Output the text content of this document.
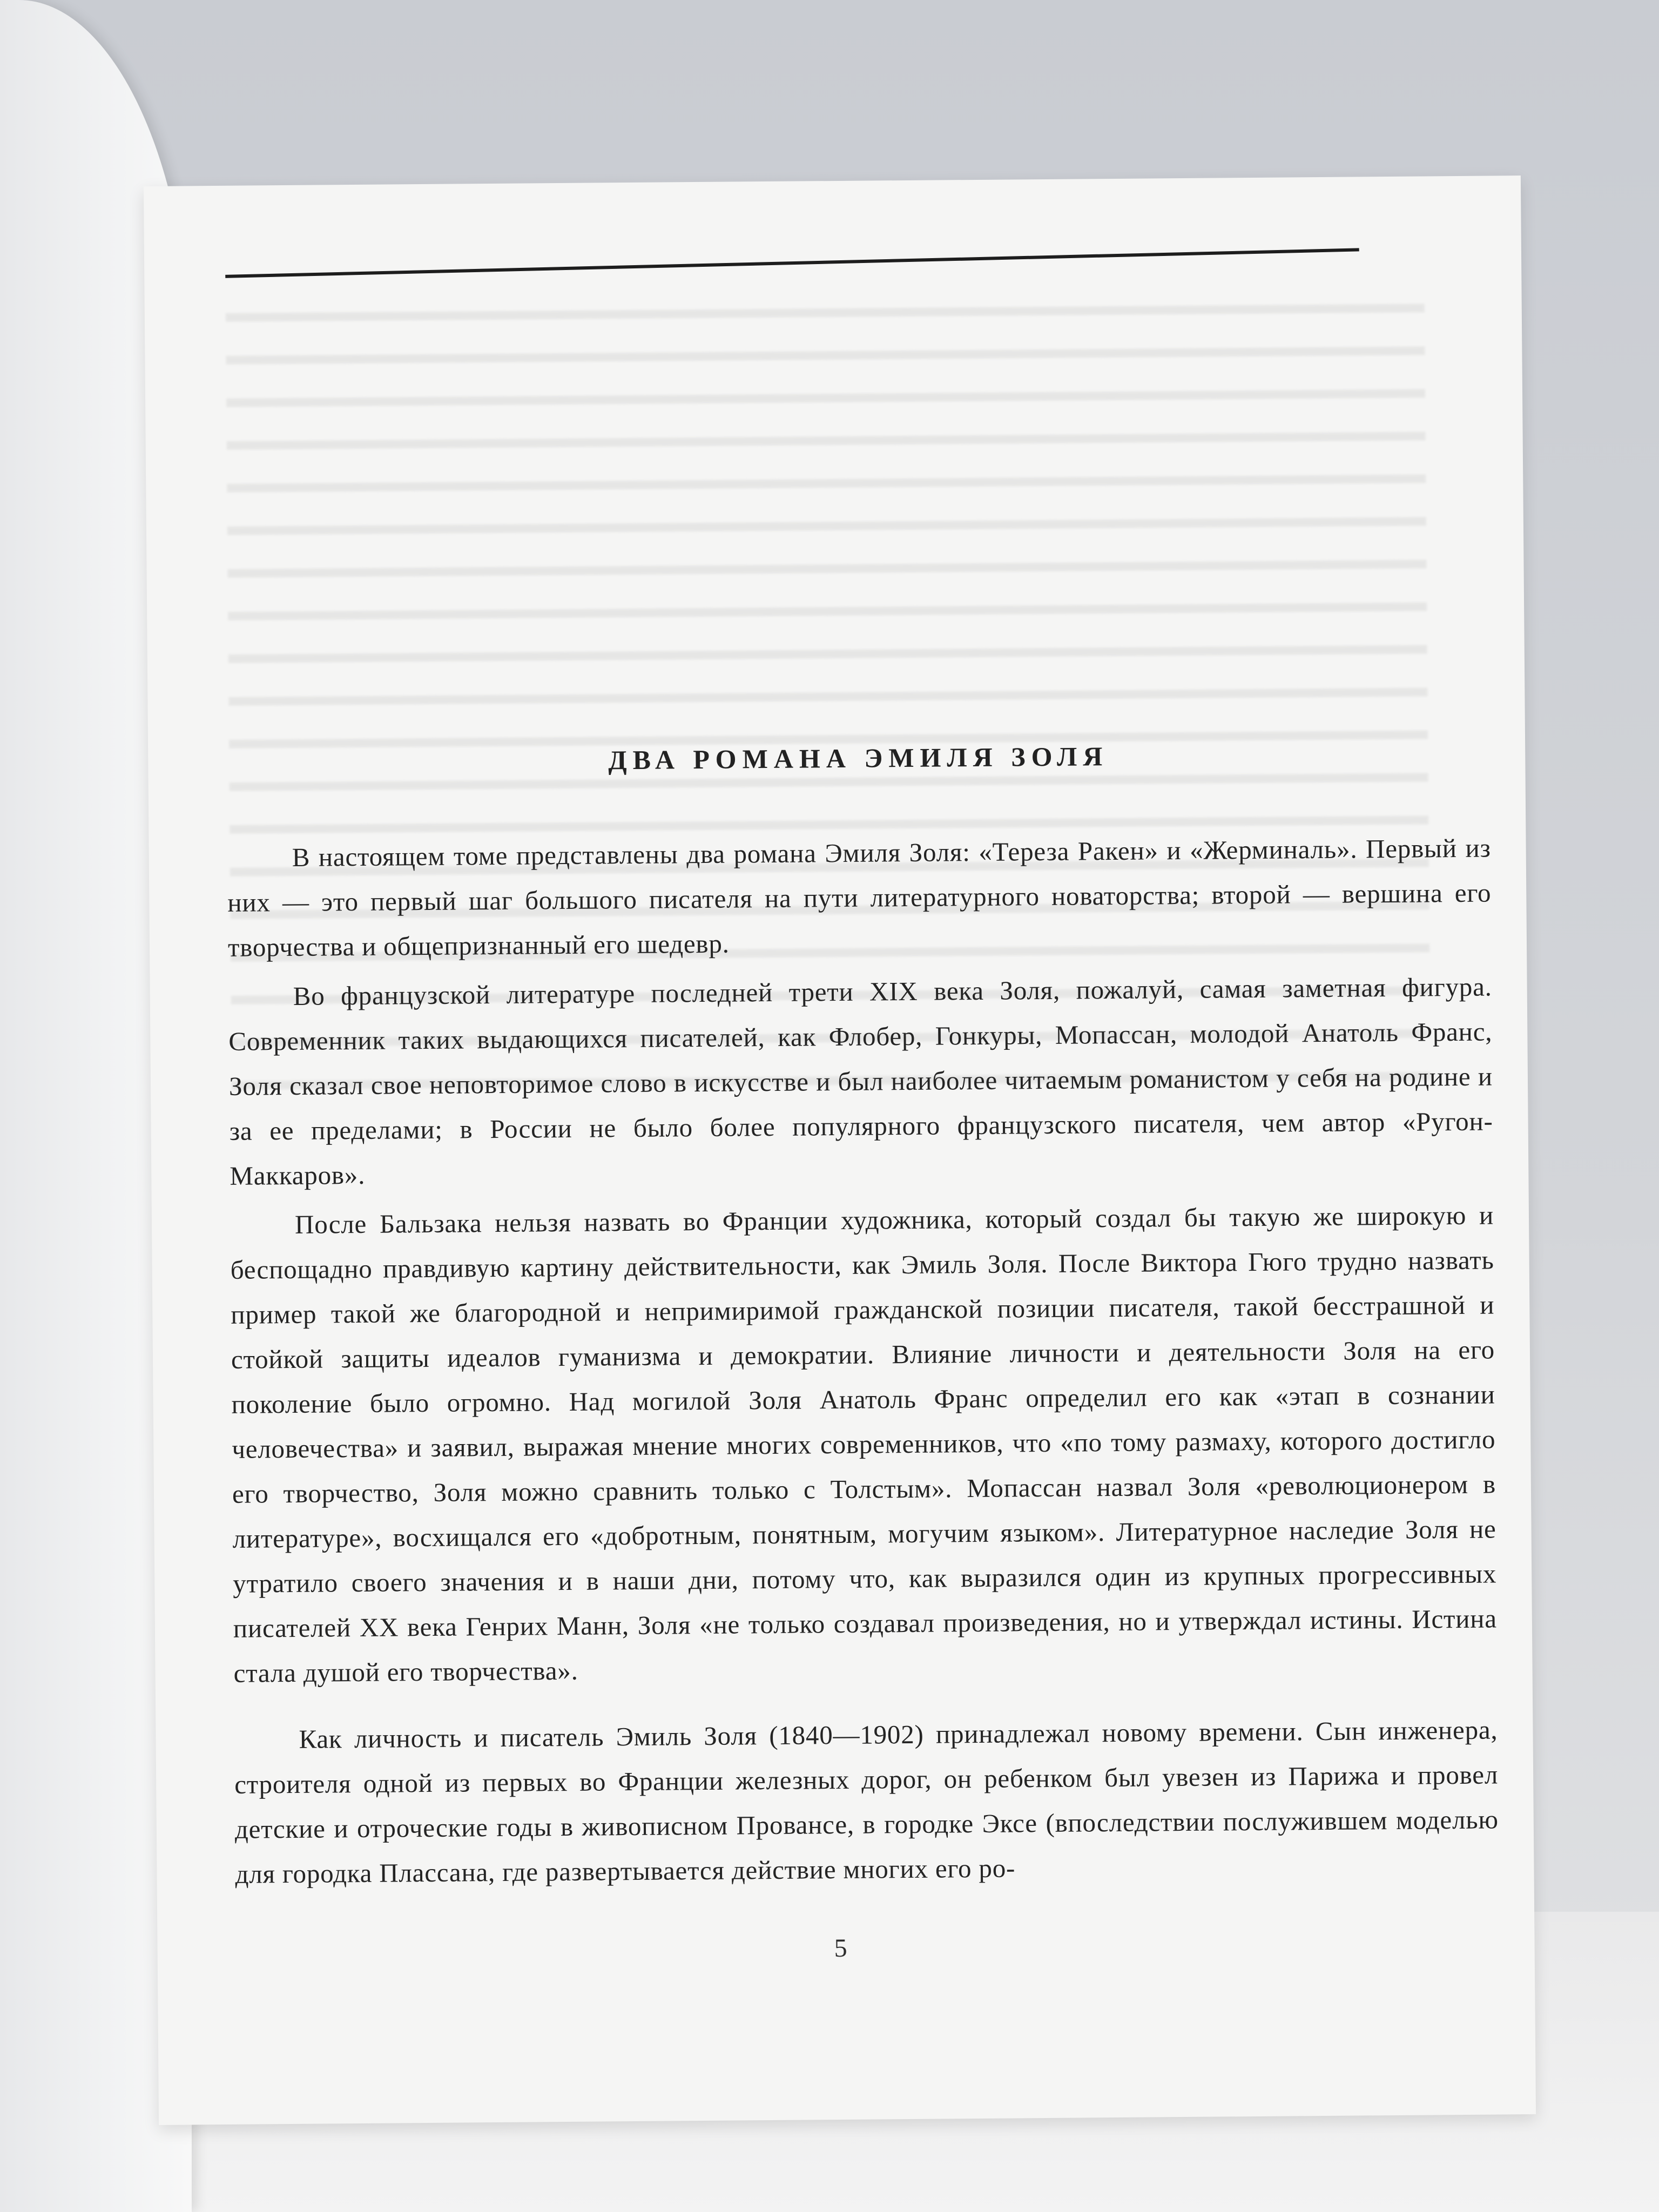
ДВА РОМАНА ЭМИЛЯ ЗОЛЯ

В настоящем томе представлены два романа Эмиля Золя: «Тереза Ракен» и «Жерминаль». Первый из них — это первый шаг большого писателя на пути литературного новаторства; второй — вершина его творчества и общепризнанный его шедевр.

Во французской литературе последней трети XIX века Золя, пожалуй, самая заметная фигура. Современник таких выдающихся писателей, как Флобер, Гонкуры, Мопассан, молодой Анатоль Франс, Золя сказал свое неповторимое слово в искусстве и был наиболее читаемым романистом у себя на родине и за ее пределами; в России не было более популярного французского писателя, чем автор «Ругон-Маккаров».

После Бальзака нельзя назвать во Франции художника, который создал бы такую же широкую и беспощадно правдивую картину действительности, как Эмиль Золя. После Виктора Гюго трудно назвать пример такой же благородной и непримиримой гражданской позиции писателя, такой бесстрашной и стойкой защиты идеалов гуманизма и демократии. Влияние личности и деятельности Золя на его поколение было огромно. Над могилой Золя Анатоль Франс определил его как «этап в сознании человечества» и заявил, выражая мнение многих современников, что «по тому размаху, которого достигло его творчество, Золя можно сравнить только с Толстым». Мопассан назвал Золя «революционером в литературе», восхищался его «добротным, понятным, могучим языком». Литературное наследие Золя не утратило своего значения и в наши дни, потому что, как выразился один из крупных прогрессивных писателей XX века Генрих Манн, Золя «не только создавал произведения, но и утверждал истины. Истина стала душой его творчества».

Как личность и писатель Эмиль Золя (1840—1902) принадлежал новому времени. Сын инженера, строителя одной из первых во Франции железных дорог, он ребенком был увезен из Парижа и провел детские и отроческие годы в живописном Провансе, в городке Эксе (впоследствии послужившем моделью для городка Плассана, где развертывается действие многих его ро-

5
